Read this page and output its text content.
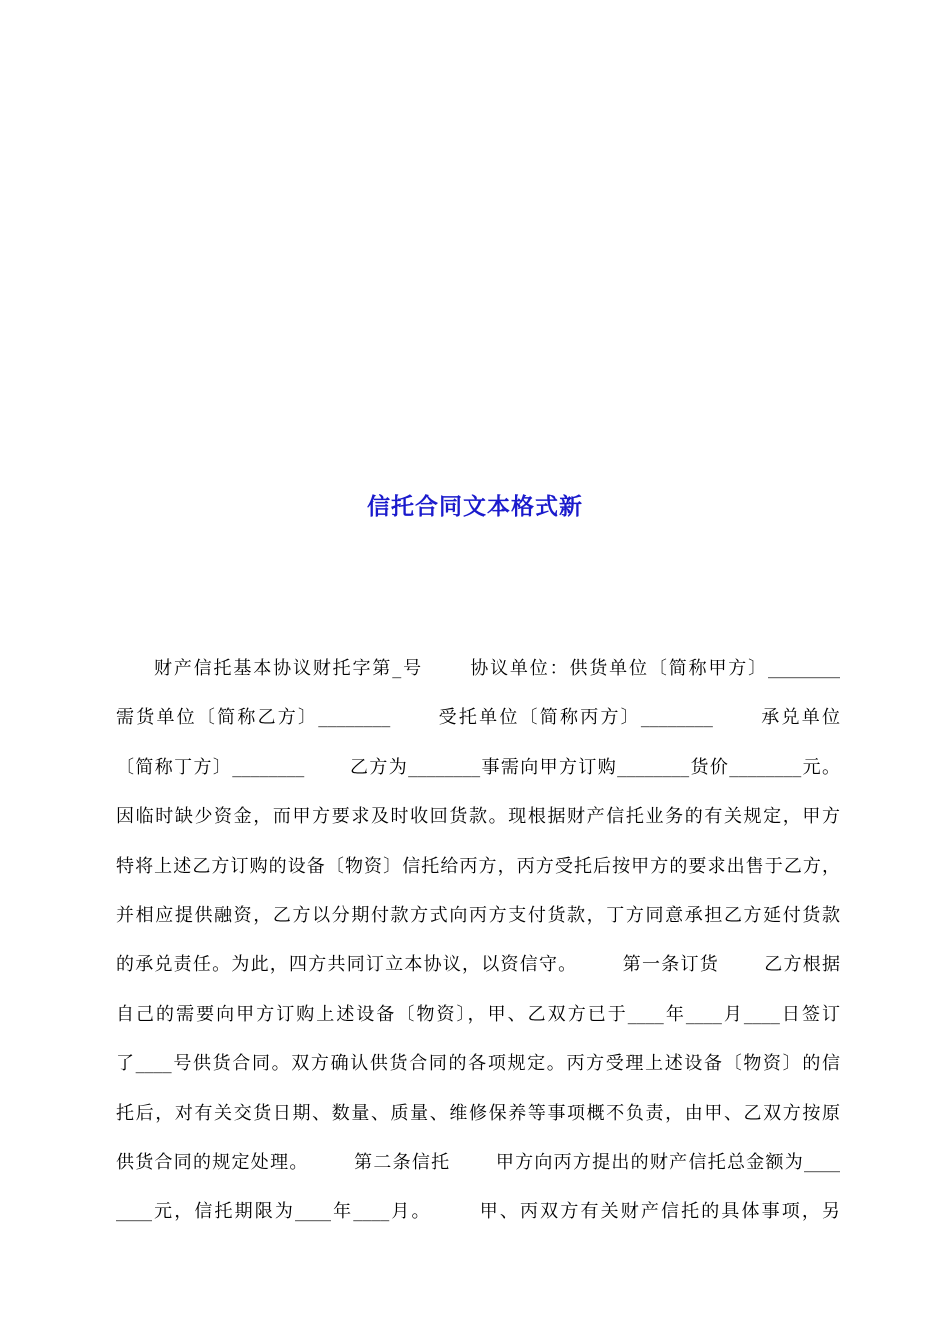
信托合同文本格式新
财产信托基本协议财托字第_号 　　协议单位：供货单位〔简称甲方〕________
需货单位〔简称乙方〕________ 　　受托单位〔简称丙方〕________ 　　承兑单位
〔简称丁方〕________ 　　乙方为________事需向甲方订购________货价________元。
因临时缺少资金，而甲方要求及时收回货款。现根据财产信托业务的有关规定，甲方
特将上述乙方订购的设备〔物资〕信托给丙方，丙方受托后按甲方的要求出售于乙方，
并相应提供融资，乙方以分期付款方式向丙方支付货款，丁方同意承担乙方延付货款
的承兑责任。为此，四方共同订立本协议，以资信守。 　　第一条订货 　　乙方根据
自己的需要向甲方订购上述设备〔物资〕，甲、乙双方已于____年____月____日签订
了____号供货合同。双方确认供货合同的各项规定。丙方受理上述设备〔物资〕的信
托后，对有关交货日期、数量、质量、维修保养等事项概不负责，由甲、乙双方按原
供货合同的规定处理。 　　第二条信托 　　甲方向丙方提出的财产信托总金额为____
____元，信托期限为____年____月。 　　甲、丙双方有关财产信托的具体事项，另
